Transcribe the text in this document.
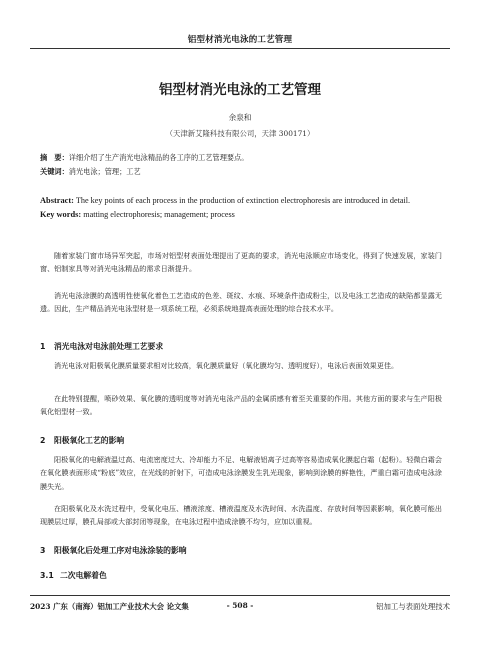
铝型材消光电泳的工艺管理
铝型材消光电泳的工艺管理
余泉和
（天津新艾隆科技有限公司，天津 300171）
摘　要：详细介绍了生产消光电泳精品的各工序的工艺管理要点。
关键词：消光电泳；管理；工艺
Abstract: The key points of each process in the production of extinction electrophoresis are introduced in detail.
Key words: matting electrophoresis; management; process
随着家装门窗市场异军突起，市场对铝型材表面处理提出了更高的要求，消光电泳顺应市场变化，得到了快速发展，家装门窗、铝制家具等对消光电泳精品的需求日渐提升。
消光电泳涂膜的高透明性使氧化着色工艺造成的色差、斑纹、水痕、环境条件造成粉尘，以及电泳工艺造成的缺陷都显露无遗。因此，生产精品消光电泳型材是一项系统工程，必须系统地提高表面处理的综合技术水平。
1 消光电泳对电泳前处理工艺要求
消光电泳对阳极氧化膜质量要求相对比较高，氧化膜质量好（氧化膜均匀、透明度好），电泳后表面效果更佳。
在此特别提醒，喷砂效果、氧化膜的透明度等对消光电泳产品的金属质感有着至关重要的作用。其他方面的要求与生产阳极氧化铝型材一致。
2 阳极氧化工艺的影响
阳极氧化的电解液温过高、电流密度过大、冷却能力不足、电解液铝离子过高等容易造成氧化膜起白霜（起粉）。轻微白霜会在氧化膜表面形成“粉底”效应，在光线的折射下，可造成电泳涂膜发生乳光现象，影响到涂膜的鲜艳性，严重白霜可造成电泳涂膜失光。
在阳极氧化及水洗过程中，受氧化电压、槽液浓度、槽液温度及水洗时间、水洗温度、存放时间等因素影响，氧化膜可能出现膜层过厚，膜孔局部或大部封闭等现象，在电泳过程中造成涂膜不均匀，应加以重视。
3 阳极氧化后处理工序对电泳涂装的影响
3.1 二次电解着色
2023 广东（南海）铝加工产业技术大会 论文集	- 508 -	铝加工与表面处理技术
